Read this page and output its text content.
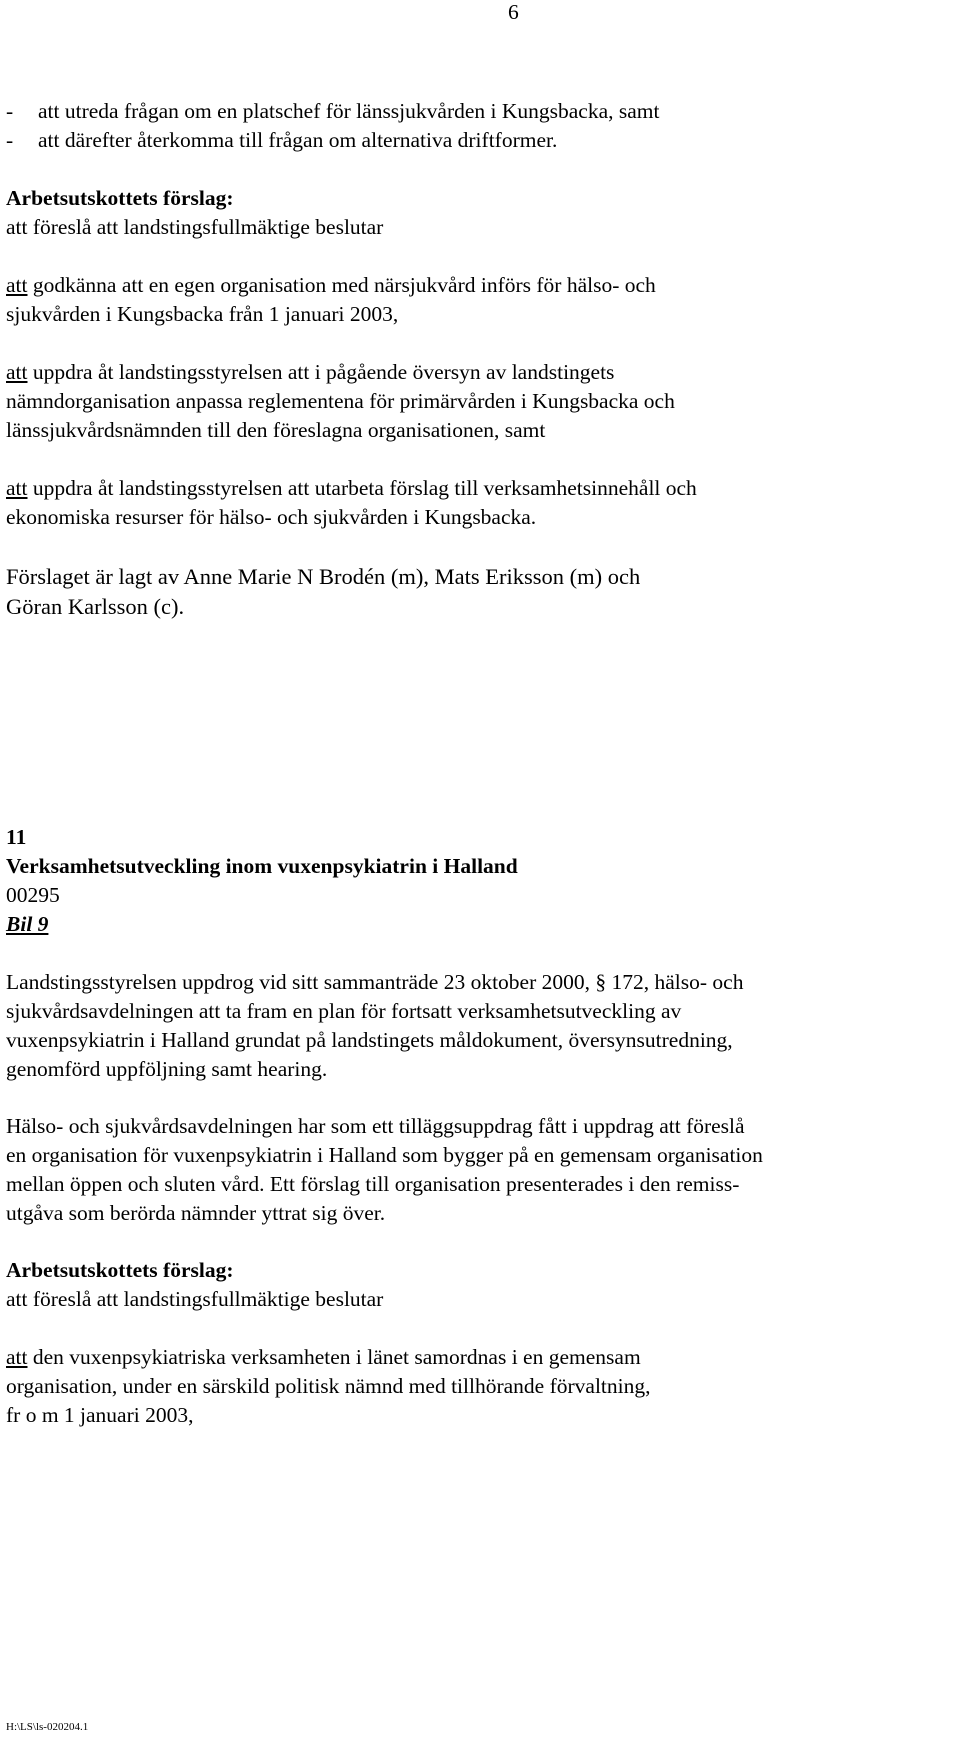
6
- att utreda frågan om en platschef för länssjukvården i Kungsbacka, samt
- att därefter återkomma till frågan om alternativa driftformer.
Arbetsutskottets förslag:
att föreslå att landstingsfullmäktige beslutar
att godkänna att en egen organisation med närsjukvård införs för hälso- och
sjukvården i Kungsbacka från 1 januari 2003,
att uppdra åt landstingsstyrelsen att i pågående översyn av landstingets
nämndorganisation anpassa reglementena för primärvården i Kungsbacka och
länssjukvårdsnämnden till den föreslagna organisationen, samt
att uppdra åt landstingsstyrelsen att utarbeta förslag till verksamhetsinnehåll och
ekonomiska resurser för hälso- och sjukvården i Kungsbacka.
Förslaget är lagt av Anne Marie N Brodén (m), Mats Eriksson (m) och
Göran Karlsson (c).
11
Verksamhetsutveckling inom vuxenpsykiatrin i Halland
00295
Bil 9
Landstingsstyrelsen uppdrog vid sitt sammanträde 23 oktober 2000, § 172, hälso- och
sjukvårdsavdelningen att ta fram en plan för fortsatt verksamhetsutveckling av
vuxenpsykiatrin i Halland grundat på landstingets måldokument, översynsutredning,
genomförd uppföljning samt hearing.
Hälso- och sjukvårdsavdelningen har som ett tilläggsuppdrag fått i uppdrag att föreslå
en organisation för vuxenpsykiatrin i Halland som bygger på en gemensam organisation
mellan öppen och sluten vård. Ett förslag till organisation presenterades i den remiss-
utgåva som berörda nämnder yttrat sig över.
Arbetsutskottets förslag:
att föreslå att landstingsfullmäktige beslutar
att den vuxenpsykiatriska verksamheten i länet samordnas i en gemensam
organisation, under en särskild politisk nämnd med tillhörande förvaltning,
fr o m 1 januari 2003,
H:\LS\ls-020204.1
